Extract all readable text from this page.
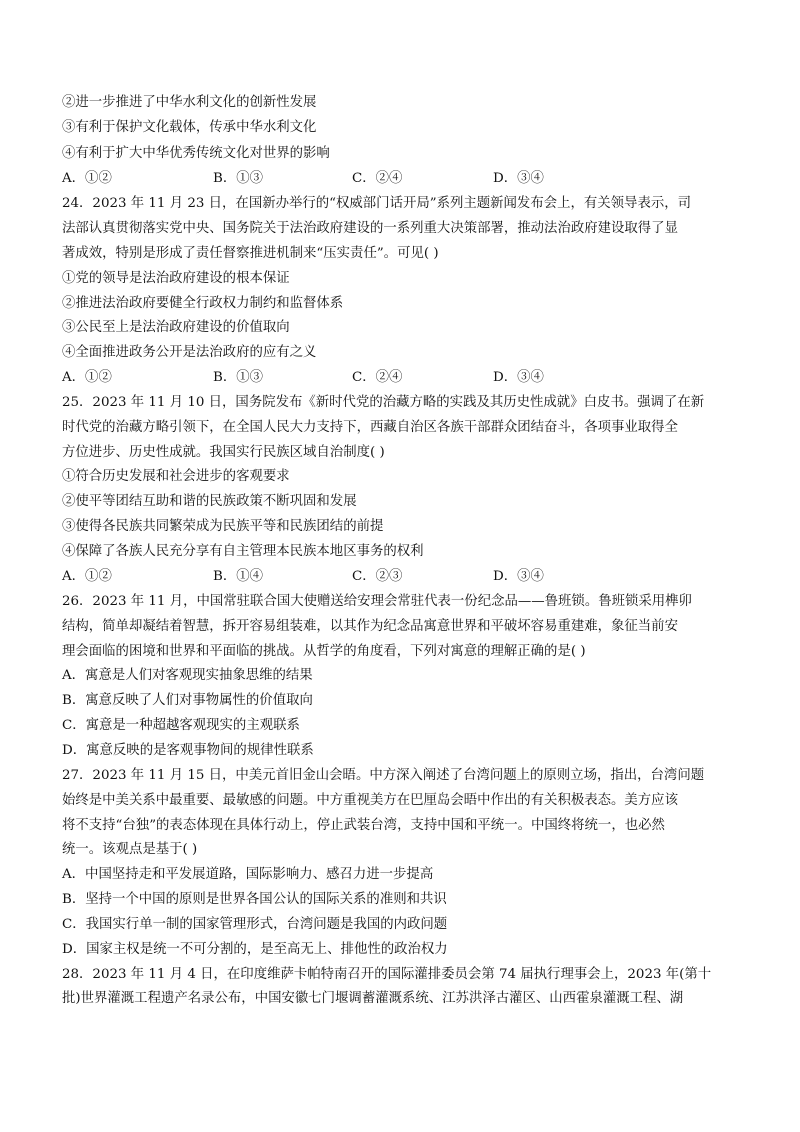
②进一步推进了中华水利文化的创新性发展
③有利于保护文化载体，传承中华水利文化
④有利于扩大中华优秀传统文化对世界的影响
A．①②	B．①③	C．②④	D．③④
24．2023 年 11 月 23 日，在国新办举行的“权威部门话开局”系列主题新闻发布会上，有关领导表示，司
法部认真贯彻落实党中央、国务院关于法治政府建设的一系列重大决策部署，推动法治政府建设取得了显
著成效，特别是形成了责任督察推进机制来“压实责任”。可见( )
①党的领导是法治政府建设的根本保证
②推进法治政府要健全行政权力制约和监督体系
③公民至上是法治政府建设的价值取向
④全面推进政务公开是法治政府的应有之义
A．①②	B．①③	C．②④	D．③④
25．2023 年 11 月 10 日，国务院发布《新时代党的治藏方略的实践及其历史性成就》白皮书。强调了在新
时代党的治藏方略引领下，在全国人民大力支持下，西藏自治区各族干部群众团结奋斗，各项事业取得全
方位进步、历史性成就。我国实行民族区域自治制度( )
①符合历史发展和社会进步的客观要求
②使平等团结互助和谐的民族政策不断巩固和发展
③使得各民族共同繁荣成为民族平等和民族团结的前提
④保障了各族人民充分享有自主管理本民族本地区事务的权利
A．①②	B．①④	C．②③	D．③④
26．2023 年 11 月，中国常驻联合国大使赠送给安理会常驻代表一份纪念品——鲁班锁。鲁班锁采用榫卯
结构，简单却凝结着智慧，拆开容易组装难，以其作为纪念品寓意世界和平破坏容易重建难，象征当前安
理会面临的困境和世界和平面临的挑战。从哲学的角度看，下列对寓意的理解正确的是( )
A．寓意是人们对客观现实抽象思维的结果
B．寓意反映了人们对事物属性的价值取向
C．寓意是一种超越客观现实的主观联系
D．寓意反映的是客观事物间的规律性联系
27．2023 年 11 月 15 日，中美元首旧金山会晤。中方深入阐述了台湾问题上的原则立场，指出，台湾问题
始终是中美关系中最重要、最敏感的问题。中方重视美方在巴厘岛会晤中作出的有关积极表态。美方应该
将不支持“台独”的表态体现在具体行动上，停止武装台湾，支持中国和平统一。中国终将统一，也必然
统一。该观点是基于( )
A．中国坚持走和平发展道路，国际影响力、感召力进一步提高
B．坚持一个中国的原则是世界各国公认的国际关系的准则和共识
C．我国实行单一制的国家管理形式，台湾问题是我国的内政问题
D．国家主权是统一不可分割的，是至高无上、排他性的政治权力
28．2023 年 11 月 4 日，在印度维萨卡帕特南召开的国际灌排委员会第 74 届执行理事会上，2023 年(第十
批)世界灌溉工程遗产名录公布，中国安徽七门堰调蓄灌溉系统、江苏洪泽古灌区、山西霍泉灌溉工程、湖
